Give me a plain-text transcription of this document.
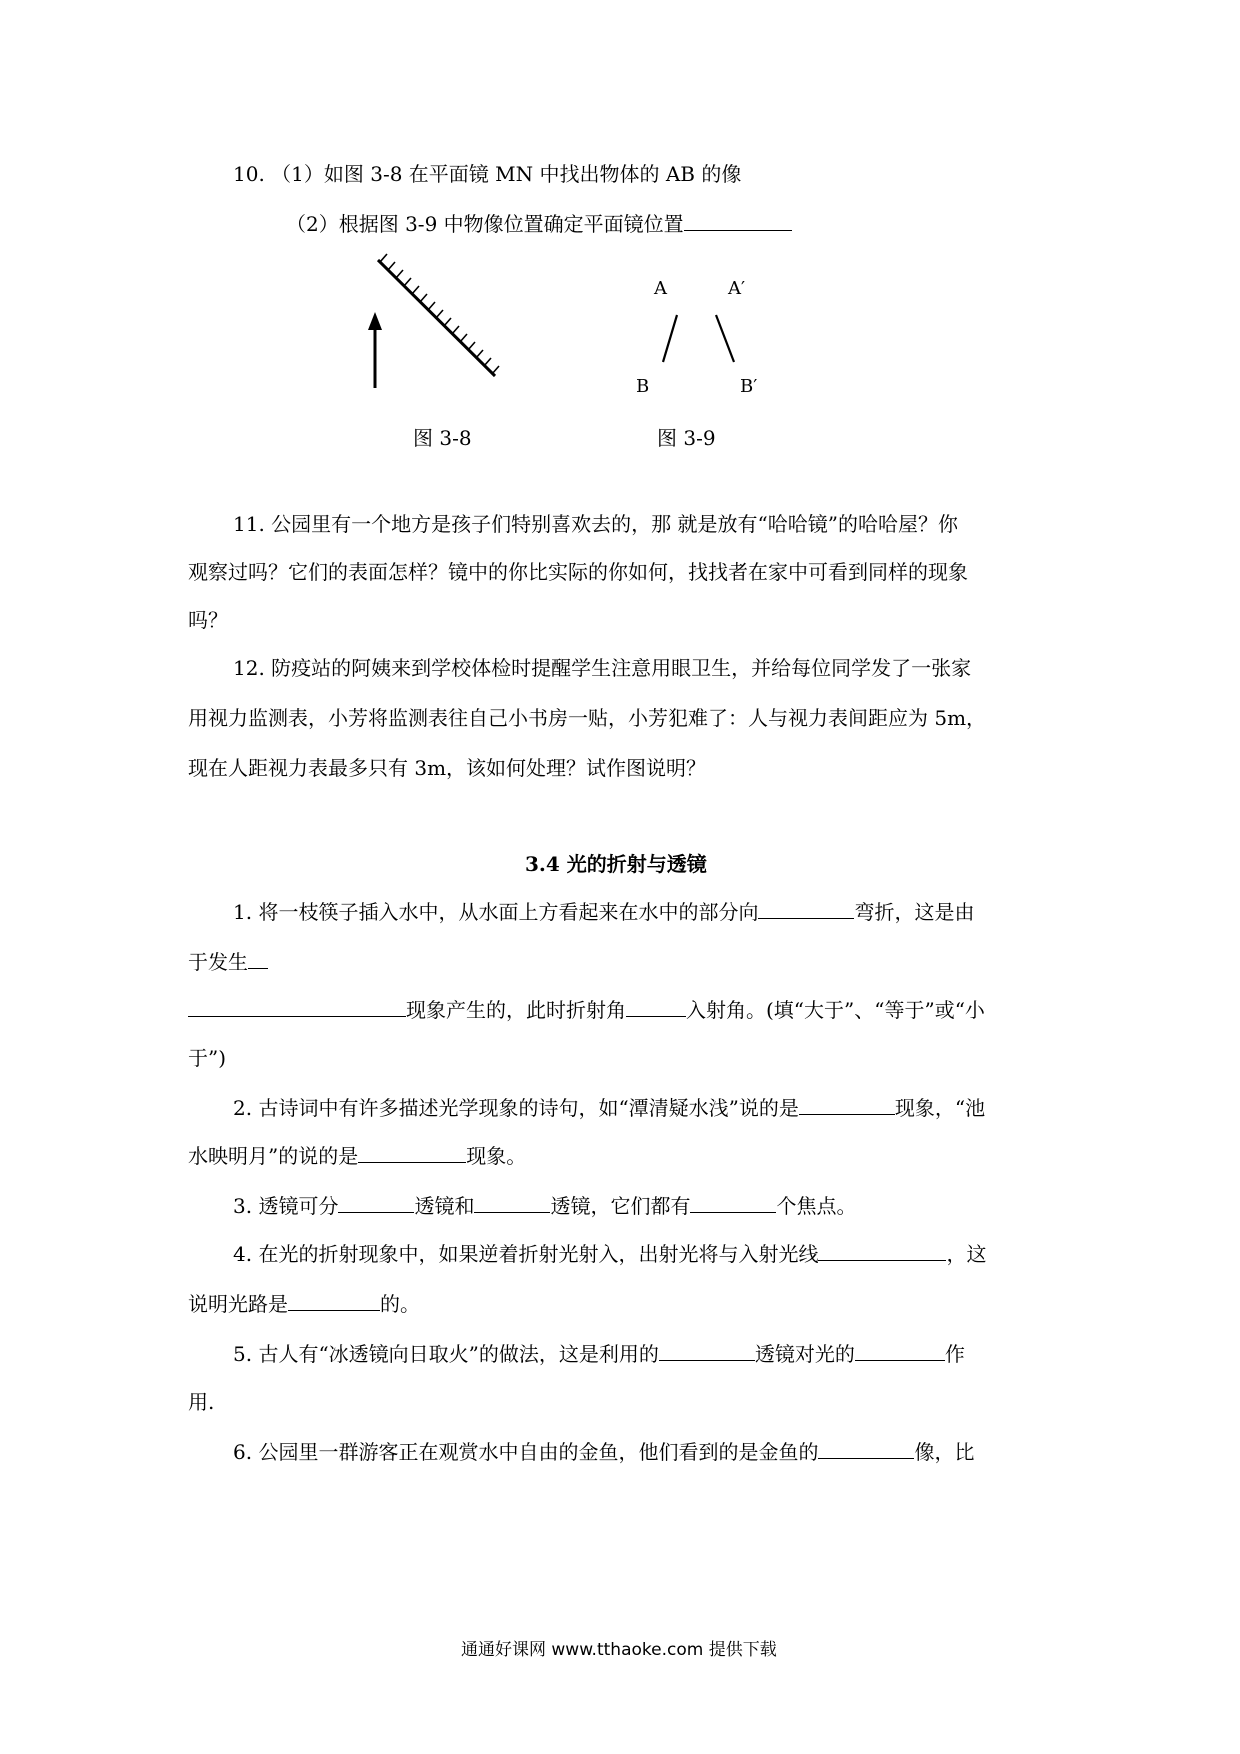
10. （1）如图 3-8 在平面镜 MN 中找出物体的 AB 的像
（2）根据图 3-9 中物像位置确定平面镜位置
A	A′
B	B′
图 3-8	图 3-9
11. 公园里有一个地方是孩子们特别喜欢去的，那 就是放有“哈哈镜”的哈哈屋？你
观察过吗？它们的表面怎样？镜中的你比实际的你如何，找找者在家中可看到同样的现象
吗？
12. 防疫站的阿姨来到学校体检时提醒学生注意用眼卫生，并给每位同学发了一张家
用视力监测表，小芳将监测表往自己小书房一贴，小芳犯难了：人与视力表间距应为 5m，
现在人距视力表最多只有 3m，该如何处理？试作图说明？
3.4 光的折射与透镜
1. 将一枝筷子插入水中，从水面上方看起来在水中的部分向	弯折，这是由
于发生
现象产生的，此时折射角	入射角。(填“大于”、“等于”或“小
于”)
2. 古诗词中有许多描述光学现象的诗句，如“潭清疑水浅”说的是	现象，“池
水映明月”的说的是	现象。
3. 透镜可分	透镜和	透镜，它们都有	个焦点。
4. 在光的折射现象中，如果逆着折射光射入，出射光将与入射光线	，这
说明光路是	的。
5. 古人有“冰透镜向日取火”的做法，这是利用的	透镜对光的	作
用.
6. 公园里一群游客正在观赏水中自由的金鱼，他们看到的是金鱼的	像，比
通通好课网 www.tthaoke.com 提供下载
